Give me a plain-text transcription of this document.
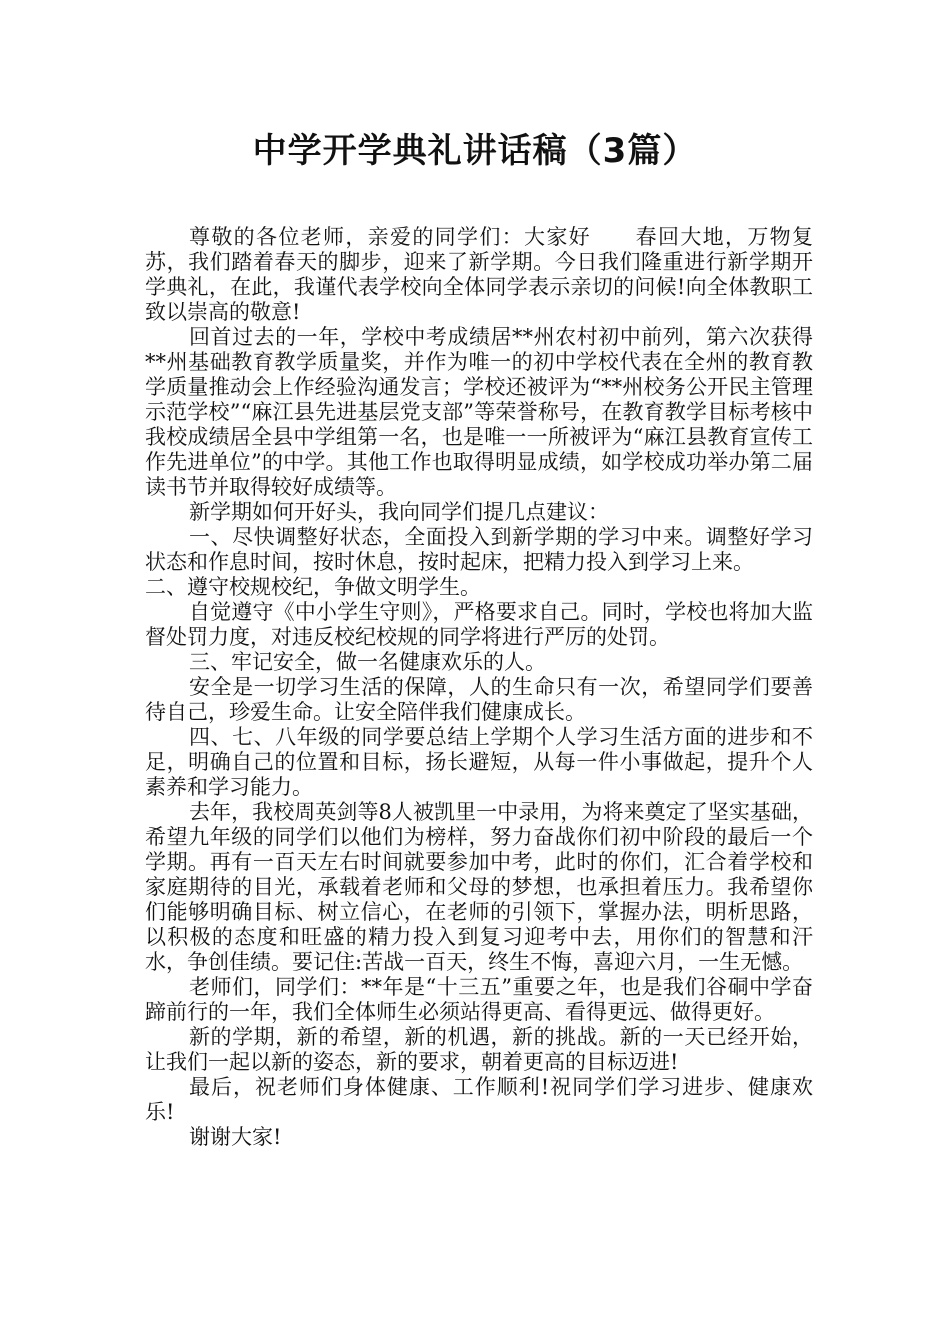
中学开学典礼讲话稿（3篇）

尊敬的各位老师，亲爱的同学们：大家好　　春回大地，万物复苏，我们踏着春天的脚步，迎来了新学期。今日我们隆重进行新学期开学典礼，在此，我谨代表学校向全体同学表示亲切的问候!向全体教职工致以崇高的敬意!

回首过去的一年，学校中考成绩居**州农村初中前列，第六次获得**州基础教育教学质量奖，并作为唯一的初中学校代表在全州的教育教学质量推动会上作经验沟通发言；学校还被评为“**州校务公开民主管理示范学校”“麻江县先进基层党支部”等荣誉称号，在教育教学目标考核中我校成绩居全县中学组第一名，也是唯一一所被评为“麻江县教育宣传工作先进单位”的中学。其他工作也取得明显成绩，如学校成功举办第二届读书节并取得较好成绩等。

新学期如何开好头，我向同学们提几点建议：

一、尽快调整好状态，全面投入到新学期的学习中来。调整好学习状态和作息时间，按时休息，按时起床，把精力投入到学习上来。

二、遵守校规校纪，争做文明学生。

自觉遵守《中小学生守则》，严格要求自己。同时，学校也将加大监督处罚力度，对违反校纪校规的同学将进行严厉的处罚。

三、牢记安全，做一名健康欢乐的人。

安全是一切学习生活的保障，人的生命只有一次，希望同学们要善待自己，珍爱生命。让安全陪伴我们健康成长。

四、七、八年级的同学要总结上学期个人学习生活方面的进步和不足，明确自己的位置和目标，扬长避短，从每一件小事做起，提升个人素养和学习能力。

去年，我校周英剑等8人被凯里一中录用，为将来奠定了坚实基础，希望九年级的同学们以他们为榜样，努力奋战你们初中阶段的最后一个学期。再有一百天左右时间就要参加中考，此时的你们，汇合着学校和家庭期待的目光，承载着老师和父母的梦想，也承担着压力。我希望你们能够明确目标、树立信心，在老师的引领下，掌握办法，明析思路，以积极的态度和旺盛的精力投入到复习迎考中去，用你们的智慧和汗水，争创佳绩。要记住:苦战一百天，终生不悔，喜迎六月，一生无憾。

老师们，同学们：**年是“十三五”重要之年，也是我们谷硐中学奋蹄前行的一年，我们全体师生必须站得更高、看得更远、做得更好。

新的学期，新的希望，新的机遇，新的挑战。新的一天已经开始，让我们一起以新的姿态，新的要求，朝着更高的目标迈进!

最后，祝老师们身体健康、工作顺利!祝同学们学习进步、健康欢乐!

谢谢大家!
